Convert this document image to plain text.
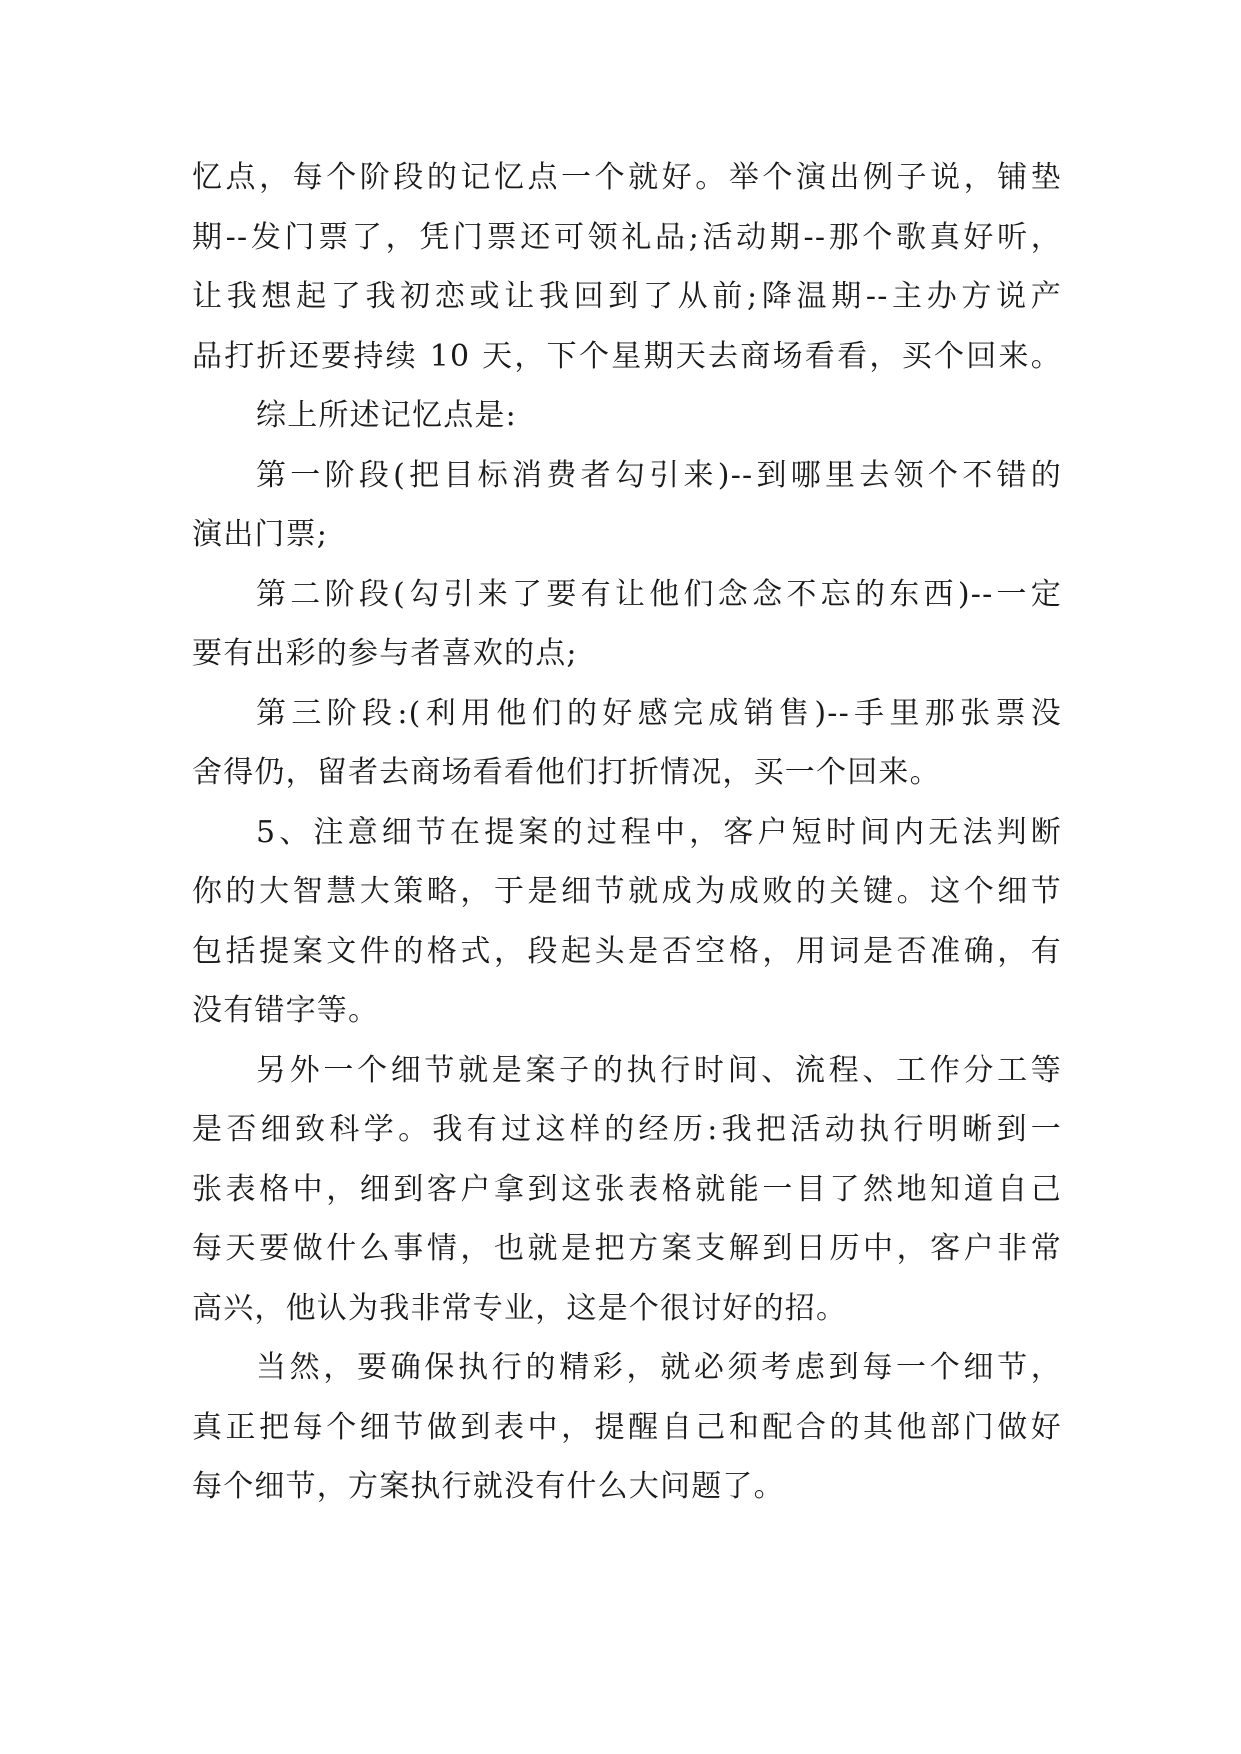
忆点，每个阶段的记忆点一个就好。举个演出例子说，铺垫
期--发门票了，凭门票还可领礼品;活动期--那个歌真好听，
让我想起了我初恋或让我回到了从前;降温期--主办方说产
品打折还要持续 10 天，下个星期天去商场看看，买个回来。
综上所述记忆点是:
第一阶段(把目标消费者勾引来)--到哪里去领个不错的
演出门票;
第二阶段(勾引来了要有让他们念念不忘的东西)--一定
要有出彩的参与者喜欢的点;
第三阶段:(利用他们的好感完成销售)--手里那张票没
舍得仍，留者去商场看看他们打折情况，买一个回来。
5、注意细节在提案的过程中，客户短时间内无法判断
你的大智慧大策略，于是细节就成为成败的关键。这个细节
包括提案文件的格式，段起头是否空格，用词是否准确，有
没有错字等。
另外一个细节就是案子的执行时间、流程、工作分工等
是否细致科学。我有过这样的经历:我把活动执行明晰到一
张表格中，细到客户拿到这张表格就能一目了然地知道自己
每天要做什么事情，也就是把方案支解到日历中，客户非常
高兴，他认为我非常专业，这是个很讨好的招。
当然，要确保执行的精彩，就必须考虑到每一个细节，
真正把每个细节做到表中，提醒自己和配合的其他部门做好
每个细节，方案执行就没有什么大问题了。
